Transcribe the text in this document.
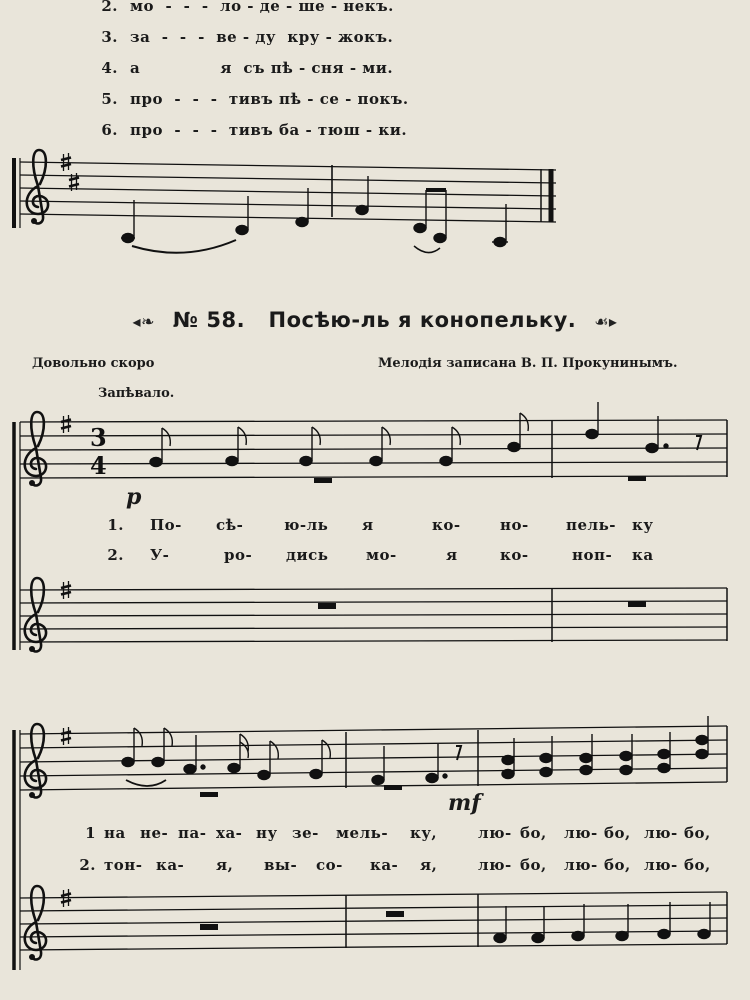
2. мо  -  -  -  ло - де - ше - некъ.
3. за  -  -  -  ве - ду  кру - жокъ.
4. а              я  съ пѣ - сня - ми.
5. про  -  -  -  тивъ пѣ - се - покъ.
6. про  -  -  -  тивъ ба - тюш - ки.
3
4
◂❧ № 58. Посѣю-ль я конопельку. ☙▸
Довольно скоро	Мелодія записана В. П. Прокунинымъ.
Запѣвало.
p
mf
1. По- сѣ-	ю-ль я	ко-	но- пель- ку
2. У-	ро- дись	мо-	я	ко-	ноп- ка
1 на не- па- ха- ну зе- мель- ку,	лю- бо, лю- бо, лю- бо,
2. тон- ка- я, вы- со- ка- я,	лю- бо, лю- бо, лю- бо,
